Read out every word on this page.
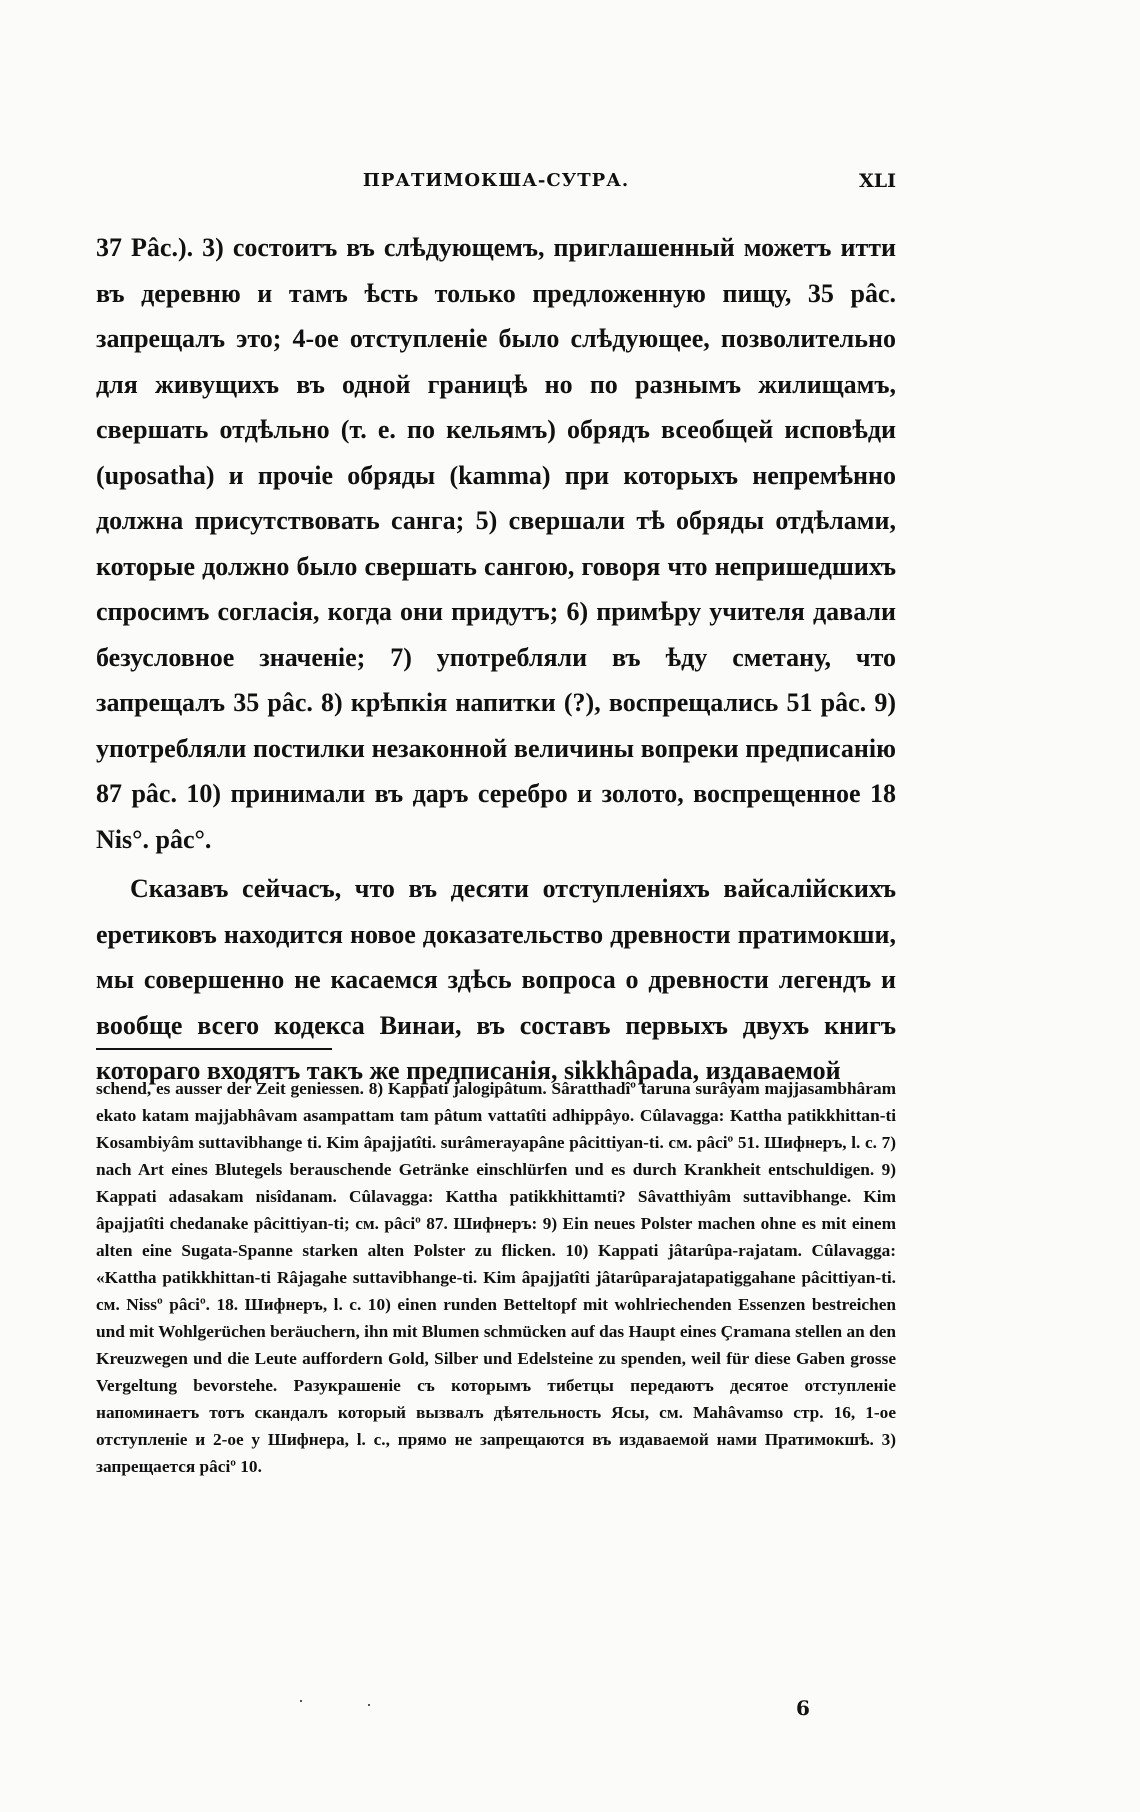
ПРАТИМОКША-СУТРА.	XLI

37 Pâc.). 3) состоитъ въ слѣдующемъ, приглашенный можетъ итти въ деревню и тамъ ѣсть только предложенную пищу, 35 pâc. запрещалъ это; 4-ое отступленіе было слѣдующее, позволительно для живущихъ въ одной границѣ но по разнымъ жилищамъ, свершать отдѣльно (т. е. по кельямъ) обрядъ всеобщей исповѣди (uposatha) и прочіе обряды (kamma) при которыхъ непремѣнно должна присутствовать санга; 5) свершали тѣ обряды отдѣлами, которые должно было свершать сангою, говоря что непришедшихъ спросимъ согласія, когда они придутъ; 6) примѣру учителя давали безусловное значеніе; 7) употребляли въ ѣду сметану, что запрещалъ 35 pâc. 8) крѣпкія напитки (?), воспрещались 51 pâc. 9) употребляли постилки незаконной величины вопреки предписанію 87 pâc. 10) принимали въ даръ серебро и золото, воспрещенное 18 Nis°. pâc°.

Сказавъ сейчасъ, что въ десяти отступленіяхъ вайсалійскихъ еретиковъ находится новое доказательство древности пратимокши, мы совершенно не касаемся здѣсь вопроса о древности легендъ и вообще всего кодекса Винаи, въ составъ первыхъ двухъ книгъ котораго входятъ такъ же предписанія, sikkhâpada, издаваемой

schend, es ausser der Zeit geniessen. 8) Kappati jalogipâtum. Sâratthadîº taruna surâyam majjasambhâram ekato katam majjabhâvam asampattam tam pâtum vattatîti adhippâyo. Cûlavagga: Kattha patikkhittan-ti Kosambiyâm suttavibhange ti. Kim âpajjatîti. surâmerayapâne pâcittiyan-ti. см. pâciº 51. Шифнеръ, l. c. 7) nach Art eines Blutegels berauschende Getränke einschlürfen und es durch Krankheit entschuldigen. 9) Kappati adasakam nisîdanam. Cûlavagga: Kattha patikkhittamti? Sâvatthiyâm suttavibhange. Kim âpajjatîti chedanake pâcittiyan-ti; см. pâciº 87. Шифнеръ: 9) Ein neues Polster machen ohne es mit einem alten eine Sugata-Spanne starken alten Polster zu flicken. 10) Kappati jâtarûpa-rajatam. Cûlavagga: «Kattha patikkhittan-ti Râjagahe suttavibhange-ti. Kim âpajjatîti jâtarûparajatapatiggahane pâcittiyan-ti. см. Nissº pâciº. 18. Шифнеръ, l. c. 10) einen runden Betteltopf mit wohlriechenden Essenzen bestreichen und mit Wohlgerüchen beräuchern, ihn mit Blumen schmücken auf das Haupt eines Çramana stellen an den Kreuzwegen und die Leute auffordern Gold, Silber und Edelsteine zu spenden, weil für diese Gaben grosse Vergeltung bevorstehe. Разукрашеніе съ которымъ тибетцы передаютъ десятое отступленіе напоминаетъ тотъ скандалъ который вызвалъ дѣятельность Ясы, см. Mahâvamso стр. 16, 1-ое отступленіе и 2-ое у Шифнера, l. c., прямо не запрещаются въ издаваемой нами Пратимокшѣ. 3) запрещается pâciº 10.

6
